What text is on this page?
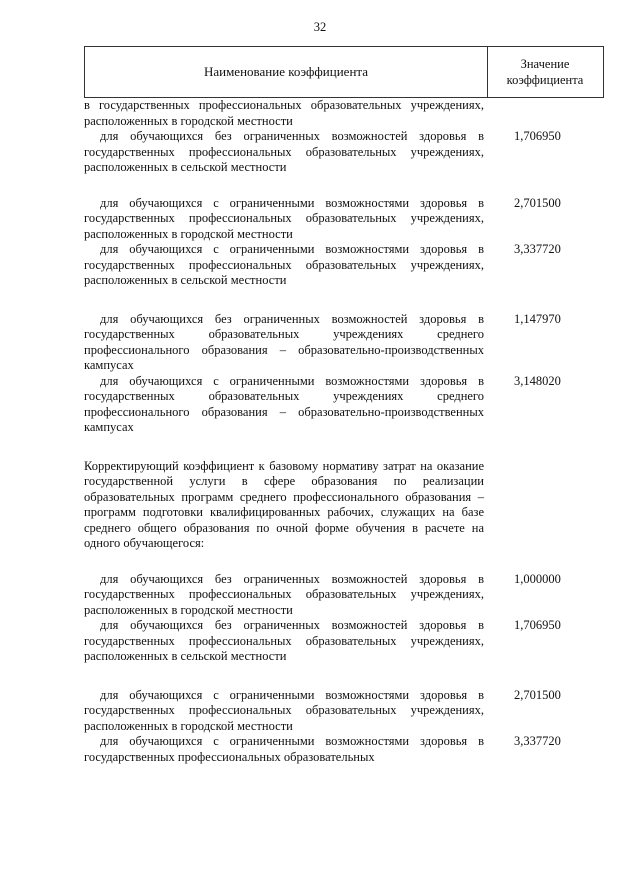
32
Наименование коэффициента	Значение коэффициента
в государственных профессиональных образовательных учреждениях, расположенных в городской местности
для обучающихся без ограниченных возможностей здоровья в государственных профессиональных образовательных учреждениях, расположенных в сельской местности
1,706950
для обучающихся с ограниченными возможностями здоровья в государственных профессиональных образовательных учреждениях, расположенных в городской местности
2,701500
для обучающихся с ограниченными возможностями здоровья в государственных профессиональных образовательных учреждениях, расположенных в сельской местности
3,337720
для обучающихся без ограниченных возможностей здоровья в государственных образовательных учреждениях среднего профессионального образования – образовательно-производственных кампусах
1,147970
для обучающихся с ограниченными возможностями здоровья в государственных образовательных учреждениях среднего профессионального образования – образовательно-производственных кампусах
3,148020
Корректирующий коэффициент к базовому нормативу затрат на оказание государственной услуги в сфере образования по реализации образовательных программ среднего профессионального образования – программ подготовки квалифицированных рабочих, служащих на базе среднего общего образования по очной форме обучения в расчете на одного обучающегося:
для обучающихся без ограниченных возможностей здоровья в государственных профессиональных образовательных учреждениях, расположенных в городской местности
1,000000
для обучающихся без ограниченных возможностей здоровья в государственных профессиональных образовательных учреждениях, расположенных в сельской местности
1,706950
для обучающихся с ограниченными возможностями здоровья в государственных профессиональных образовательных учреждениях, расположенных в городской местности
2,701500
для обучающихся с ограниченными возможностями здоровья в государственных профессиональных образовательных
3,337720
